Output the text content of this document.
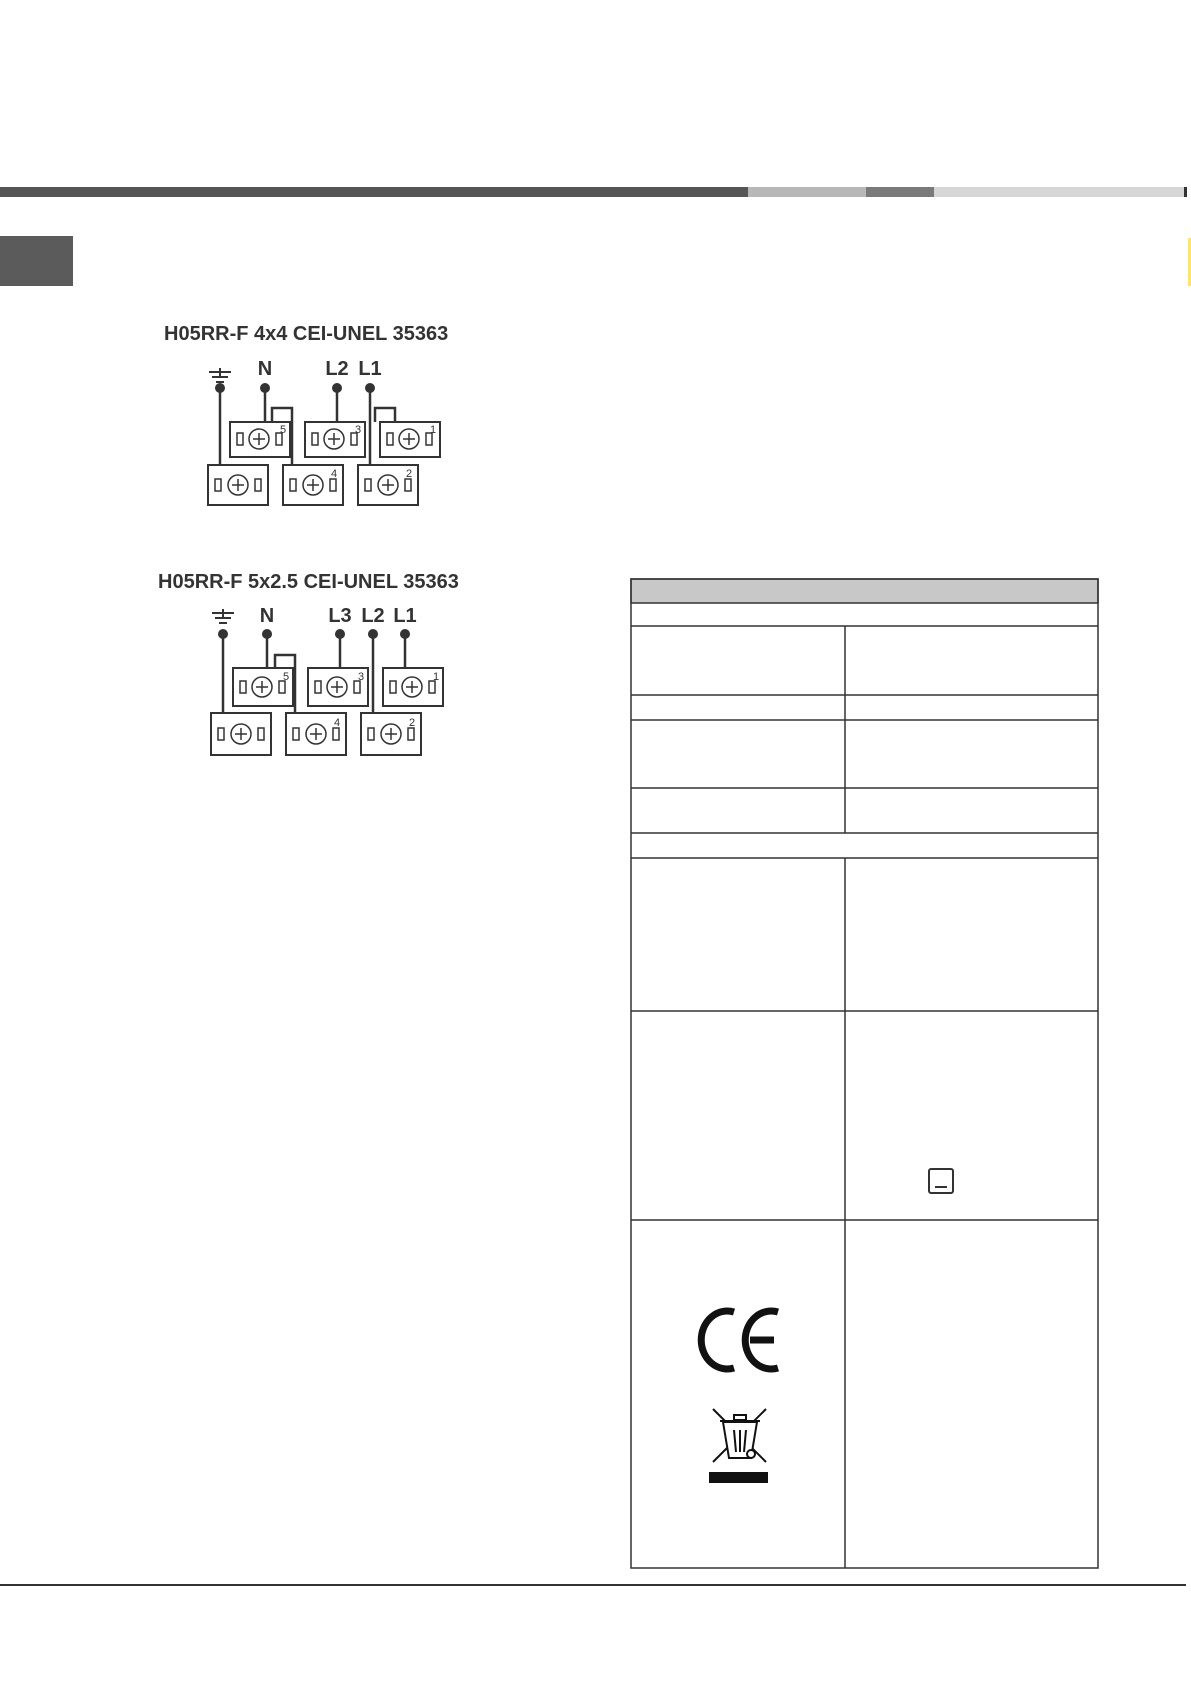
H05RR-F 4x4 CEI-UNEL 35363
N	L2 L1
5	3	1
4	2
H05RR-F 5x2.5 CEI-UNEL 35363
N	L3 L2 L1
5	3	1
4	2
